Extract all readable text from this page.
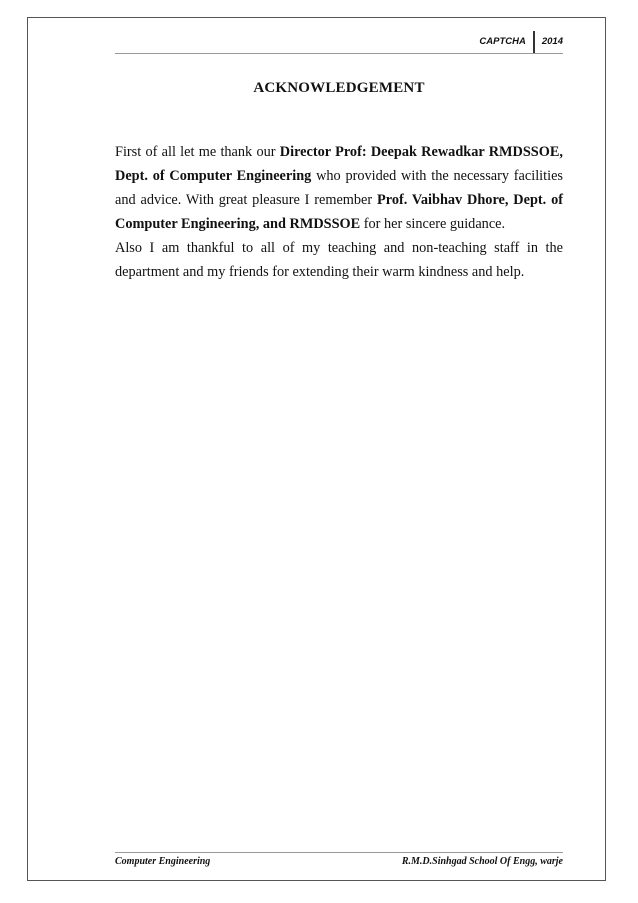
CAPTCHA	2014
ACKNOWLEDGEMENT

First of all let me thank our Director Prof: Deepak Rewadkar RMDSSOE, Dept. of Computer Engineering who provided with the necessary facilities and advice. With great pleasure I remember Prof. Vaibhav Dhore, Dept. of Computer Engineering, and RMDSSOE for her sincere guidance.

Also I am thankful to all of my teaching and non-teaching staff in the department and my friends for extending their warm kindness and help.

Computer Engineering	R.M.D.Sinhgad School Of Engg, warje
